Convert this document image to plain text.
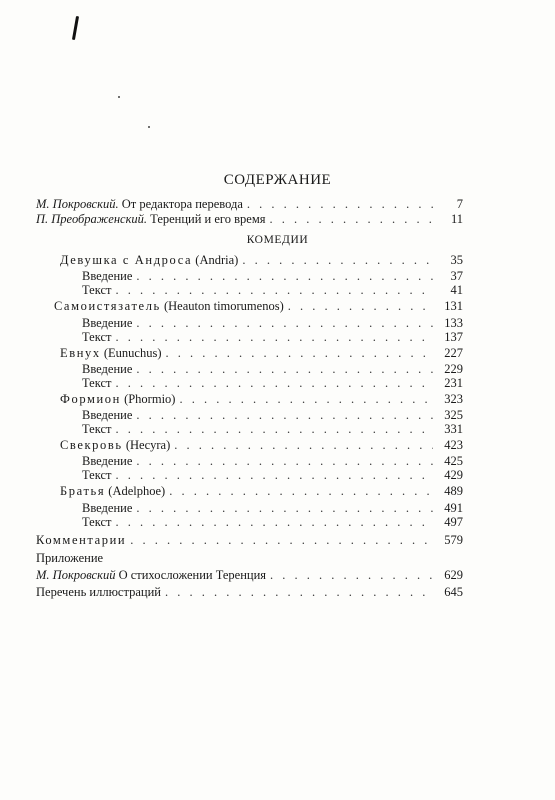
СОДЕРЖАНИЕ
М. Покровский. От редактора перевода . . .	7
П. Преображенский. Теренций и его время . . .	11
КОМЕДИИ
Девушка с Андроса (Andria) . . .	35
Введение . . .	37
Текст . . .	41
Самоистязатель (Heauton timorumenos) . . .	131
Введение . . .	133
Текст . . .	137
Евнух (Eunuchus) . . .	227
Введение . . .	229
Текст . . .	231
Формион (Phormio) . . .	323
Введение . . .	325
Текст . . .	331
Свекровь (Hecyra) . . .	423
Введение . . .	425
Текст . . .	429
Братья (Adelphoe) . . .	489
Введение . . .	491
Текст . . .	497
Комментарии . . .	579
Приложение
М. Покровский О стихосложении Теренция . . .	629
Перечень иллюстраций . . .	645
